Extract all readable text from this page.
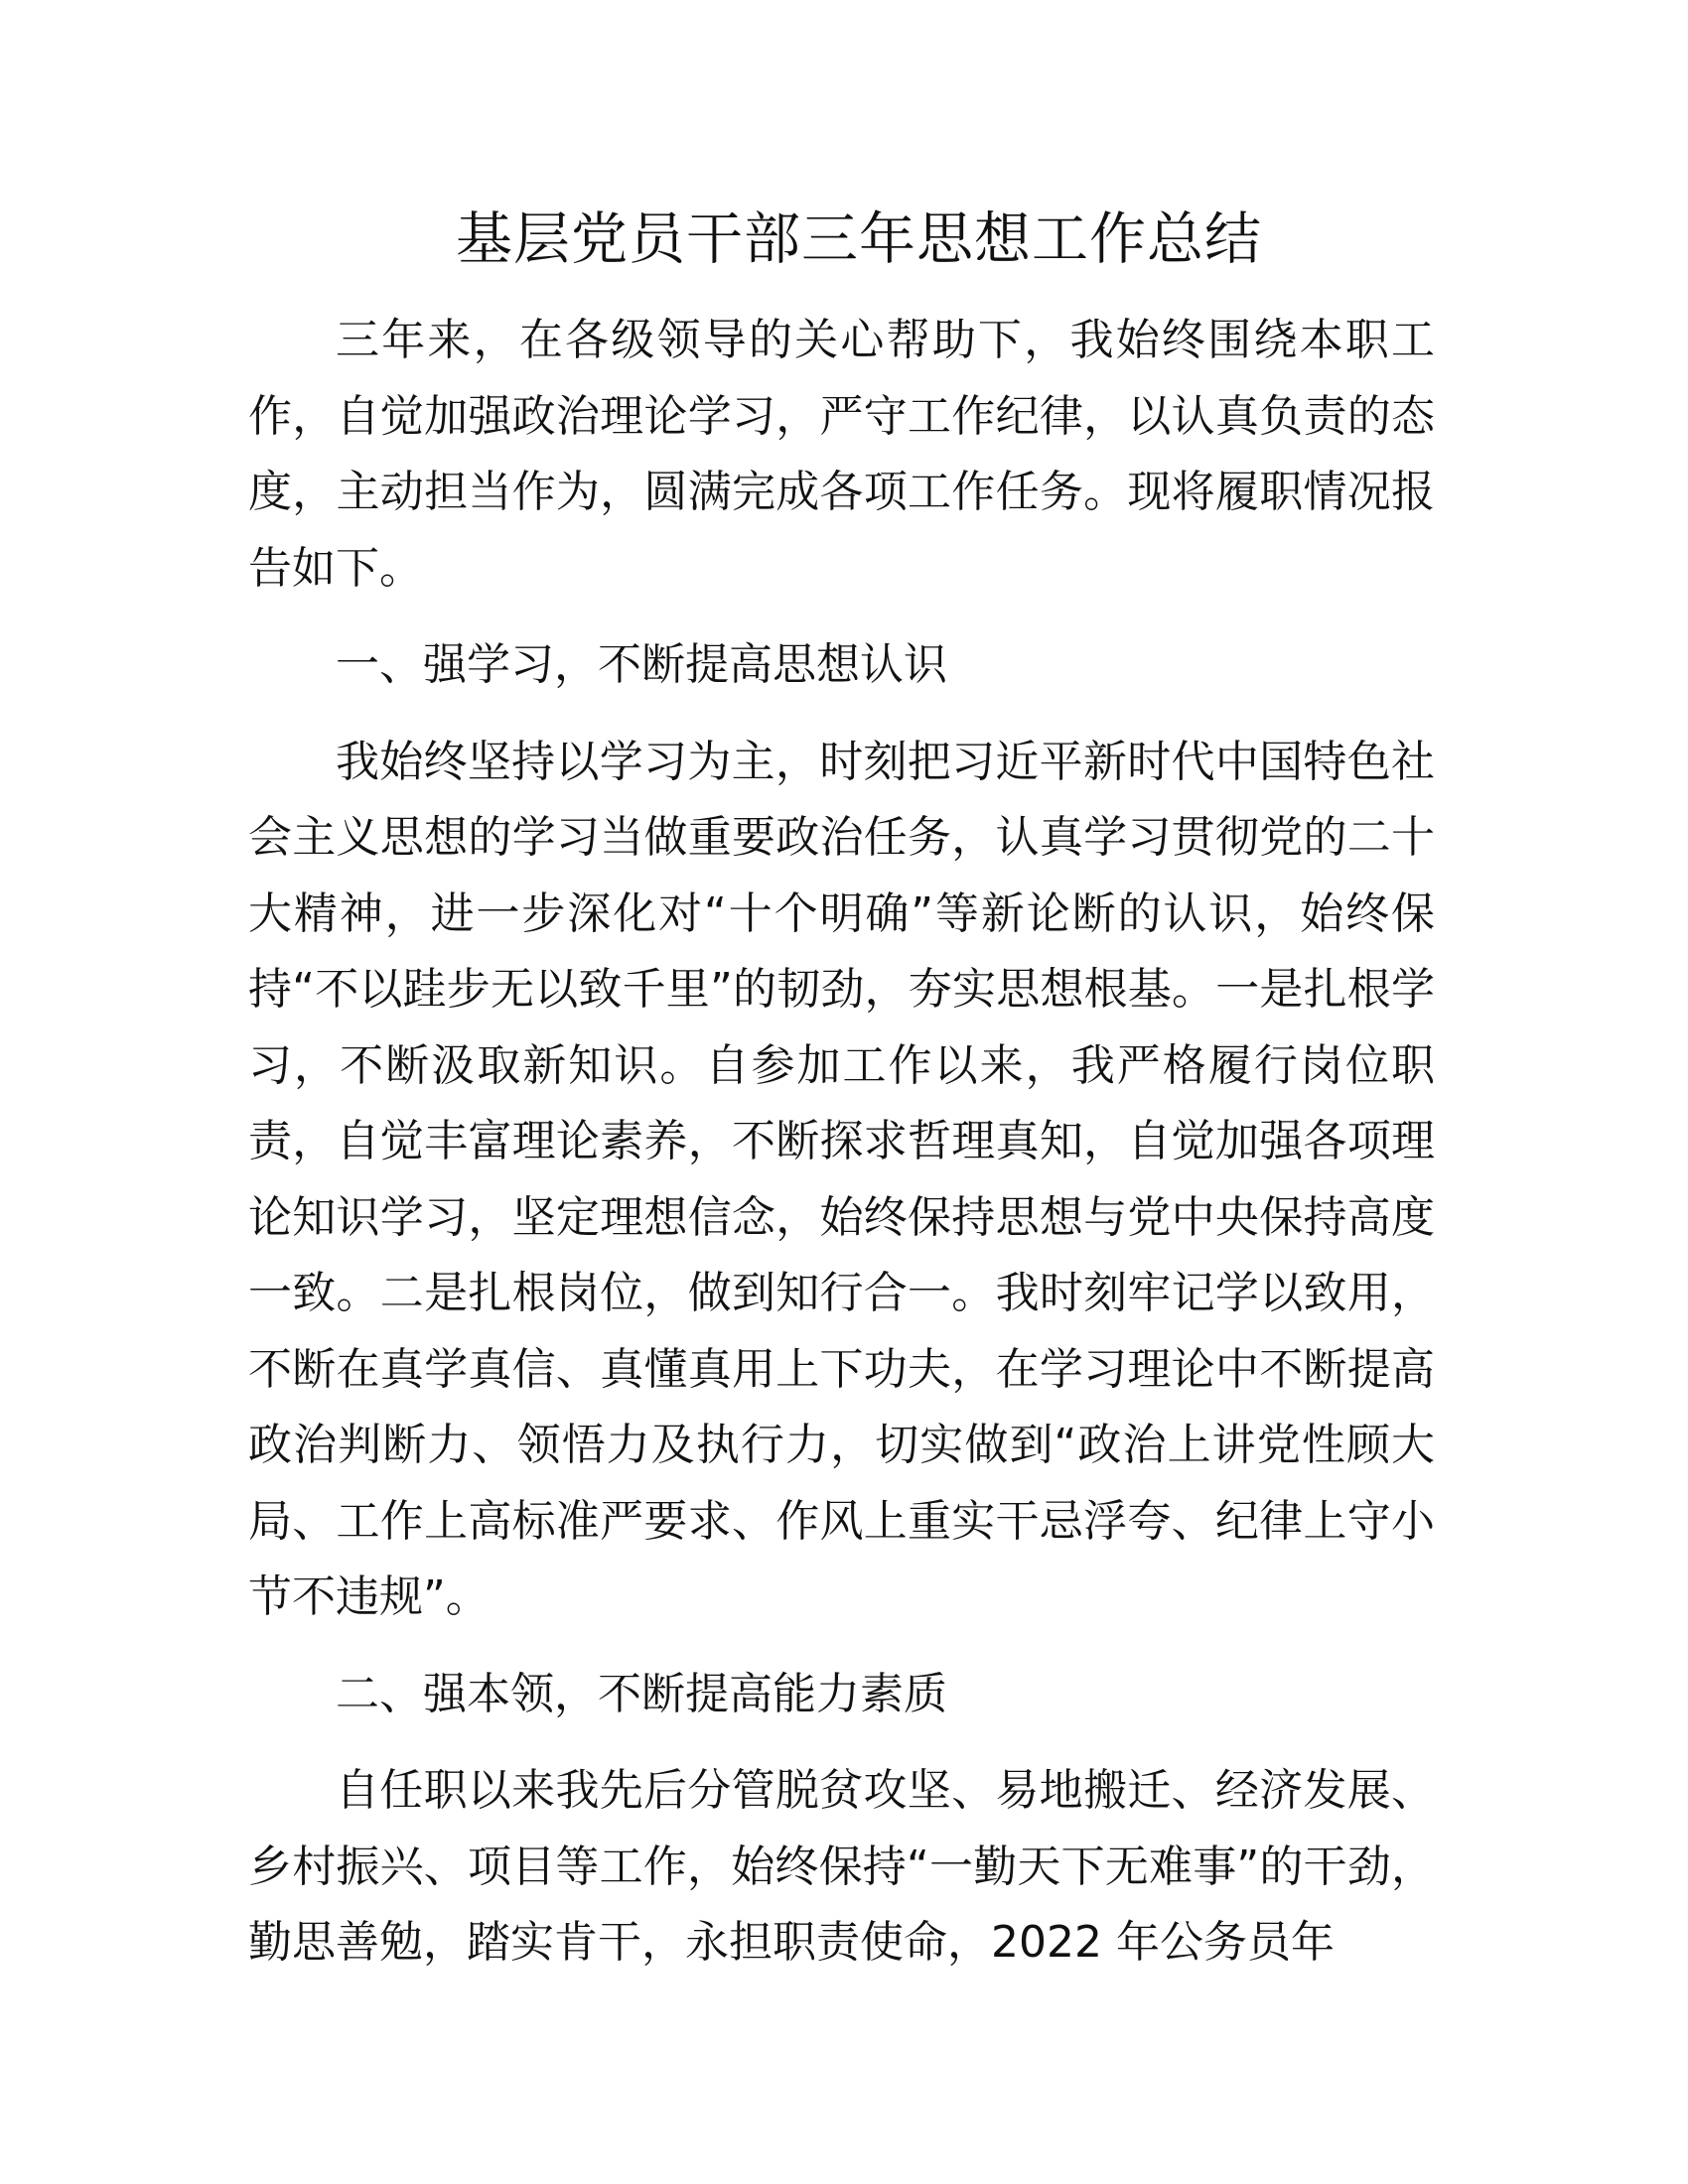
基层党员干部三年思想工作总结

三年来，在各级领导的关心帮助下，我始终围绕本职工作，自觉加强政治理论学习，严守工作纪律，以认真负责的态度，主动担当作为，圆满完成各项工作任务。现将履职情况报告如下。

一、强学习，不断提高思想认识

我始终坚持以学习为主，时刻把习近平新时代中国特色社会主义思想的学习当做重要政治任务，认真学习贯彻党的二十大精神，进一步深化对“十个明确”等新论断的认识，始终保持“不以跬步无以致千里”的韧劲，夯实思想根基。一是扎根学习，不断汲取新知识。自参加工作以来，我严格履行岗位职责，自觉丰富理论素养，不断探求哲理真知，自觉加强各项理论知识学习，坚定理想信念，始终保持思想与党中央保持高度一致。二是扎根岗位，做到知行合一。我时刻牢记学以致用，不断在真学真信、真懂真用上下功夫，在学习理论中不断提高政治判断力、领悟力及执行力，切实做到“政治上讲党性顾大局、工作上高标准严要求、作风上重实干忌浮夸、纪律上守小节不违规”。

二、强本领，不断提高能力素质

自任职以来我先后分管脱贫攻坚、易地搬迁、经济发展、乡村振兴、项目等工作，始终保持“一勤天下无难事”的干劲，勤思善勉，踏实肯干，永担职责使命，2022 年公务员年
